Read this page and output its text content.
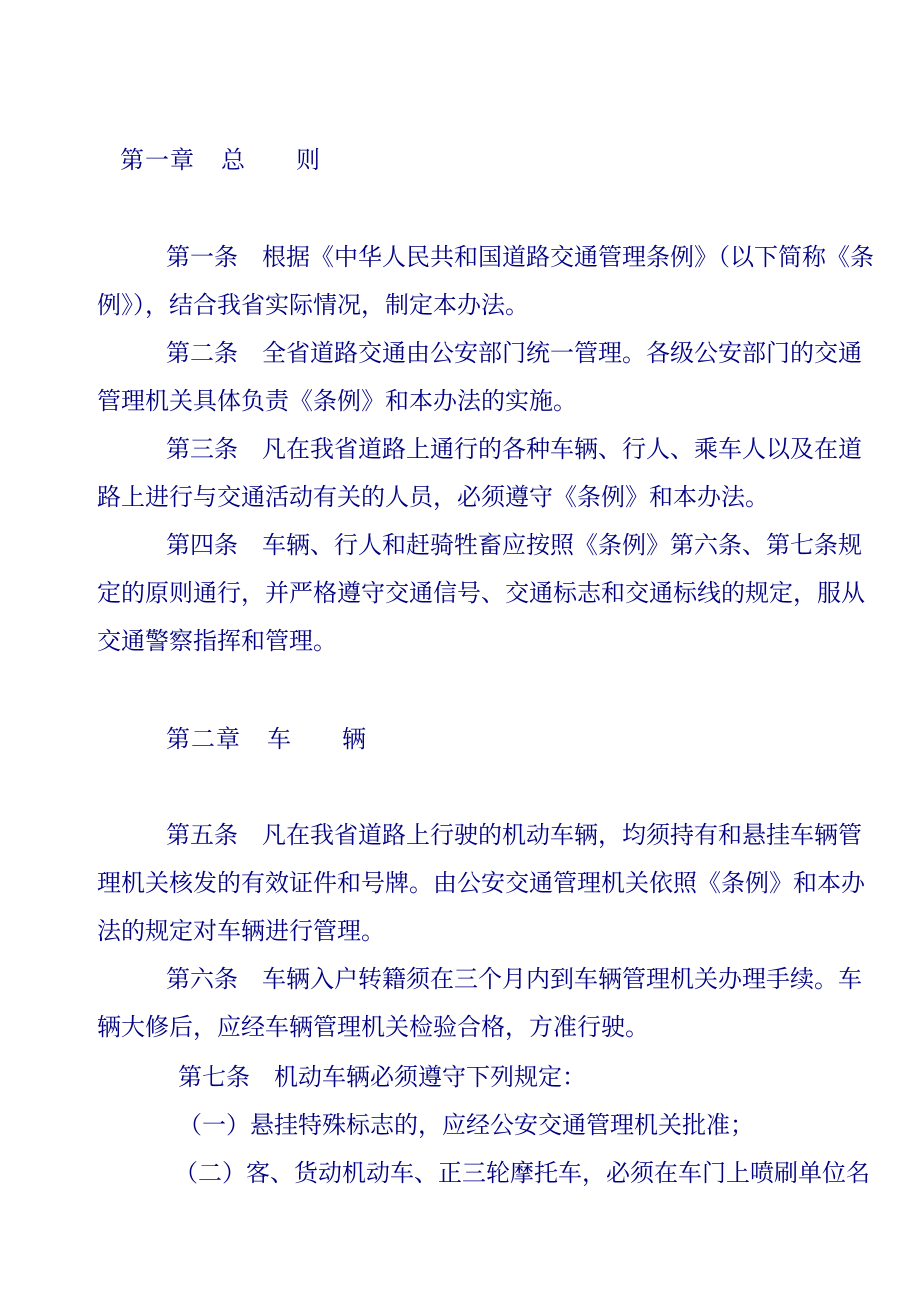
第一章 总 则
第一条　根据《中华人民共和国道路交通管理条例》（以下简称《条
例》），结合我省实际情况，制定本办法。
第二条　全省道路交通由公安部门统一管理。各级公安部门的交通
管理机关具体负责《条例》和本办法的实施。
第三条　凡在我省道路上通行的各种车辆、行人、乘车人以及在道
路上进行与交通活动有关的人员，必须遵守《条例》和本办法。
第四条　车辆、行人和赶骑牲畜应按照《条例》第六条、第七条规
定的原则通行，并严格遵守交通信号、交通标志和交通标线的规定，服从
交通警察指挥和管理。
第二章 车 辆
第五条　凡在我省道路上行驶的机动车辆，均须持有和悬挂车辆管
理机关核发的有效证件和号牌。由公安交通管理机关依照《条例》和本办
法的规定对车辆进行管理。
第六条　车辆入户转籍须在三个月内到车辆管理机关办理手续。车
辆大修后，应经车辆管理机关检验合格，方准行驶。
第七条　机动车辆必须遵守下列规定：
（一）悬挂特殊标志的，应经公安交通管理机关批准；
（二）客、货动机动车、正三轮摩托车，必须在车门上喷刷单位名
